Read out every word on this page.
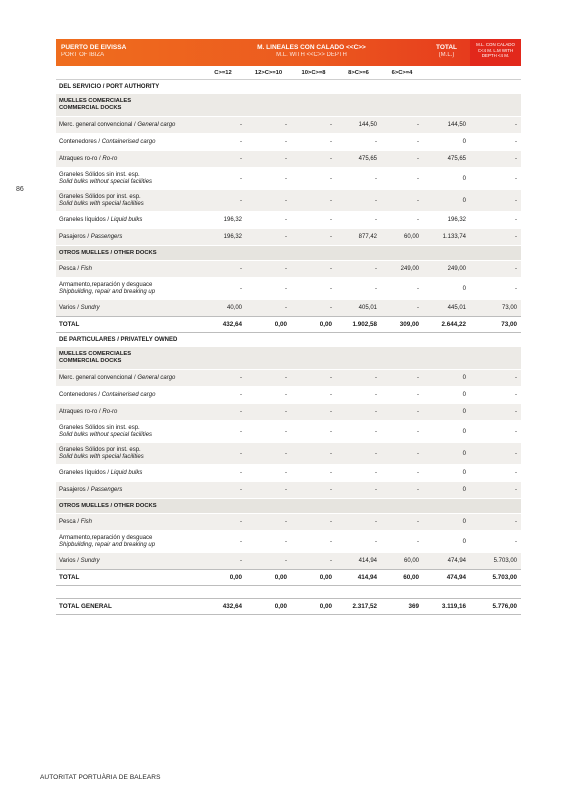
86
PUERTO DE EIVISSA
PORT OF IBIZA
M. LINEALES CON CALADO <<C>>
M.L. WITH <<C>> DEPTH
TOTAL
(M.L.)
M.L. CON CALADO
C<4 M. L.M WITH
DEPTH <4 M.
	C>=12	12>C>=10	10>C>=8	8>C>=6	6>C>=4		
DEL SERVICIO / PORT AUTHORITY							
MUELLES COMERCIALES
COMMERCIAL DOCKS							
Merc. general convencional / General cargo	-	-	-	144,50	-	144,50	-
Contenedores / Containerised cargo	-	-	-	-	-	0	-
Atraques ro-ro / Ro-ro	-	-	-	475,65	-	475,65	-
Graneles Sólidos sin inst. esp.
Solid bulks without special facilities	-	-	-	-	-	0	-
Graneles Sólidos por inst. esp.
Solid bulks with special facilities	-	-	-	-	-	0	-
Graneles líquidos / Liquid bulks	196,32	-	-	-	-	196,32	-
Pasajeros / Passengers	196,32	-	-	877,42	60,00	1.133,74	-
OTROS MUELLES / OTHER DOCKS							
Pesca / Fish	-	-	-	-	249,00	249,00	-
Armamento,reparación y desguace
Shipbuilding, repair and breaking up	-	-	-	-	-	0	-
Varios / Sundry	40,00	-	-	405,01	-	445,01	73,00
TOTAL	432,64	0,00	0,00	1.902,58	309,00	2.644,22	73,00
DE PARTICULARES / PRIVATELY OWNED							
MUELLES COMERCIALES
COMMERCIAL DOCKS							
Merc. general convencional / General cargo	-	-	-	-	-	0	-
Contenedores / Containerised cargo	-	-	-	-	-	0	-
Atraques ro-ro / Ro-ro	-	-	-	-	-	0	-
Graneles Sólidos sin inst. esp.
Solid bulks without special facilities	-	-	-	-	-	0	-
Graneles Sólidos por inst. esp.
Solid bulks with special facilities	-	-	-	-	-	0	-
Graneles líquidos / Liquid bulks	-	-	-	-	-	0	-
Pasajeros / Passengers	-	-	-	-	-	0	-
OTROS MUELLES / OTHER DOCKS							
Pesca / Fish	-	-	-	-	-	0	-
Armamento,reparación y desguace
Shipbuilding, repair and breaking up	-	-	-	-	-	0	-
Varios / Sundry	-	-	-	414,94	60,00	474,94	5.703,00
TOTAL	0,00	0,00	0,00	414,94	60,00	474,94	5.703,00

TOTAL GENERAL	432,64	0,00	0,00	2.317,52	369	3.119,16	5.776,00
AUTORITAT PORTUÀRIA DE BALEARS
